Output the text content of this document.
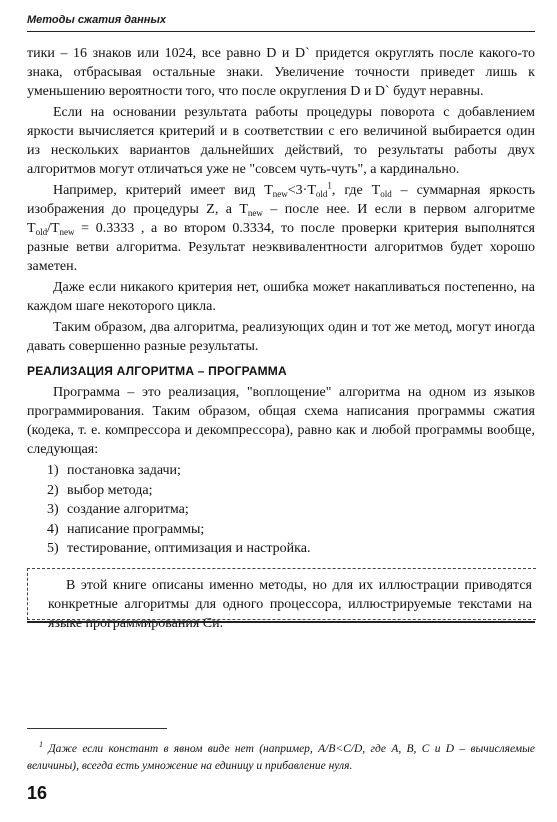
Методы сжатия данных

тики – 16 знаков или 1024, все равно D и D` придется округлять после какого-то знака, отбрасывая остальные знаки. Увеличение точности приведет лишь к уменьшению вероятности того, что после округления D и D` будут неравны.

Если на основании результата работы процедуры поворота с добавлением яркости вычисляется критерий и в соответствии с его величиной выбирается один из нескольких вариантов дальнейших действий, то результаты работы двух алгоритмов могут отличаться уже не "совсем чуть-чуть", а кардинально.

Например, критерий имеет вид $T_{new}<3\cdot T_{old}^1$, где $T_{old}$ – суммарная яркость изображения до процедуры Z, а $T_{new}$ – после нее. И если в первом алгоритме $T_{old}/T_{new} = 0.3333$ , а во втором 0.3334, то после проверки критерия выполнятся разные ветви алгоритма. Результат неэквивалентности алгоритмов будет хорошо заметен.

Даже если никакого критерия нет, ошибка может накапливаться постепенно, на каждом шаге некоторого цикла.

Таким образом, два алгоритма, реализующих один и тот же метод, могут иногда давать совершенно разные результаты.

РЕАЛИЗАЦИЯ АЛГОРИТМА – ПРОГРАММА

Программа – это реализация, "воплощение" алгоритма на одном из языков программирования. Таким образом, общая схема написания программы сжатия (кодека, т. е. компрессора и декомпрессора), равно как и любой программы вообще, следующая:

1) постановка задачи;
2) выбор метода;
3) создание алгоритма;
4) написание программы;
5) тестирование, оптимизация и настройка.
В этой книге описаны именно методы, но для их иллюстрации приводятся конкретные алгоритмы для одного процессора, иллюстрируемые текстами на языке программирования Си.
$^1$ Даже если констант в явном виде нет (например, A/B<C/D, где A, B, C и D – вычисляемые величины), всегда есть умножение на единицу и прибавление нуля.
16
